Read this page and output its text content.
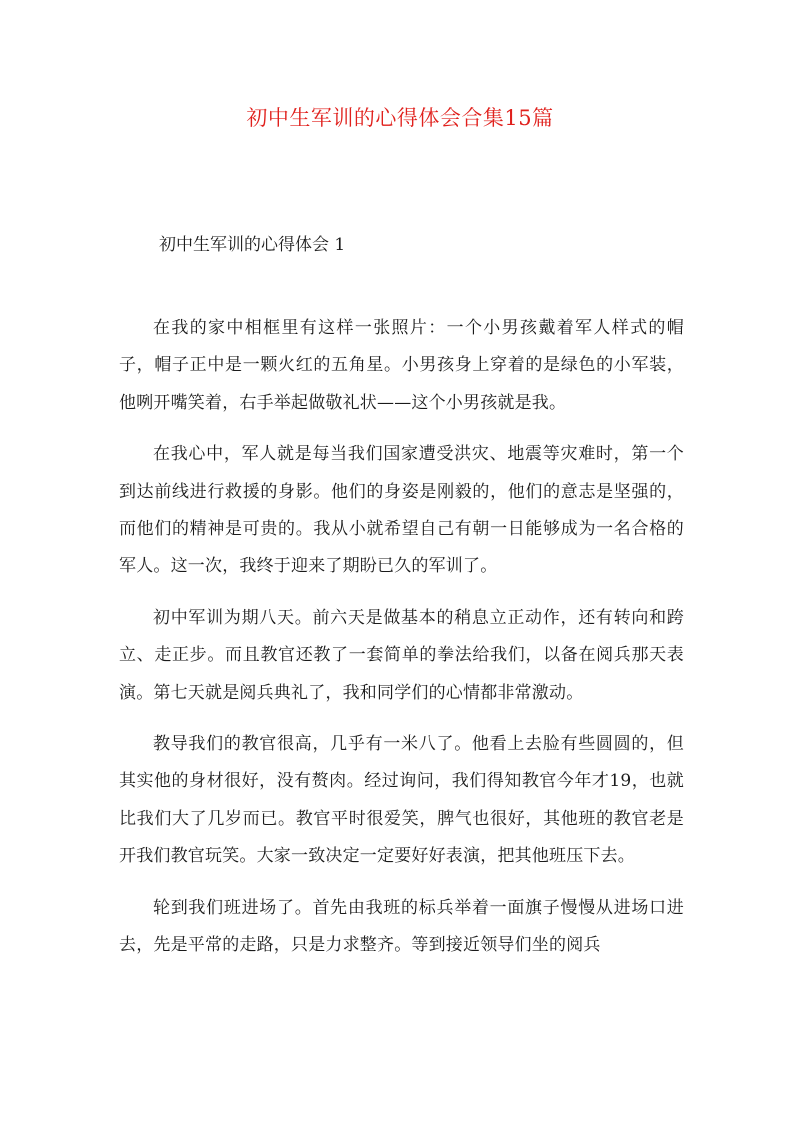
初中生军训的心得体会合集15篇
初中生军训的心得体会 1

在我的家中相框里有这样一张照片：一个小男孩戴着军人样式的帽子，帽子正中是一颗火红的五角星。小男孩身上穿着的是绿色的小军装，他咧开嘴笑着，右手举起做敬礼状——这个小男孩就是我。

在我心中，军人就是每当我们国家遭受洪灾、地震等灾难时，第一个到达前线进行救援的身影。他们的身姿是刚毅的，他们的意志是坚强的，而他们的精神是可贵的。我从小就希望自己有朝一日能够成为一名合格的军人。这一次，我终于迎来了期盼已久的军训了。

初中军训为期八天。前六天是做基本的稍息立正动作，还有转向和跨立、走正步。而且教官还教了一套简单的拳法给我们，以备在阅兵那天表演。第七天就是阅兵典礼了，我和同学们的心情都非常激动。

教导我们的教官很高，几乎有一米八了。他看上去脸有些圆圆的，但其实他的身材很好，没有赘肉。经过询问，我们得知教官今年才19，也就比我们大了几岁而已。教官平时很爱笑，脾气也很好，其他班的教官老是开我们教官玩笑。大家一致决定一定要好好表演，把其他班压下去。

轮到我们班进场了。首先由我班的标兵举着一面旗子慢慢从进场口进去，先是平常的走路，只是力求整齐。等到接近领导们坐的阅兵
